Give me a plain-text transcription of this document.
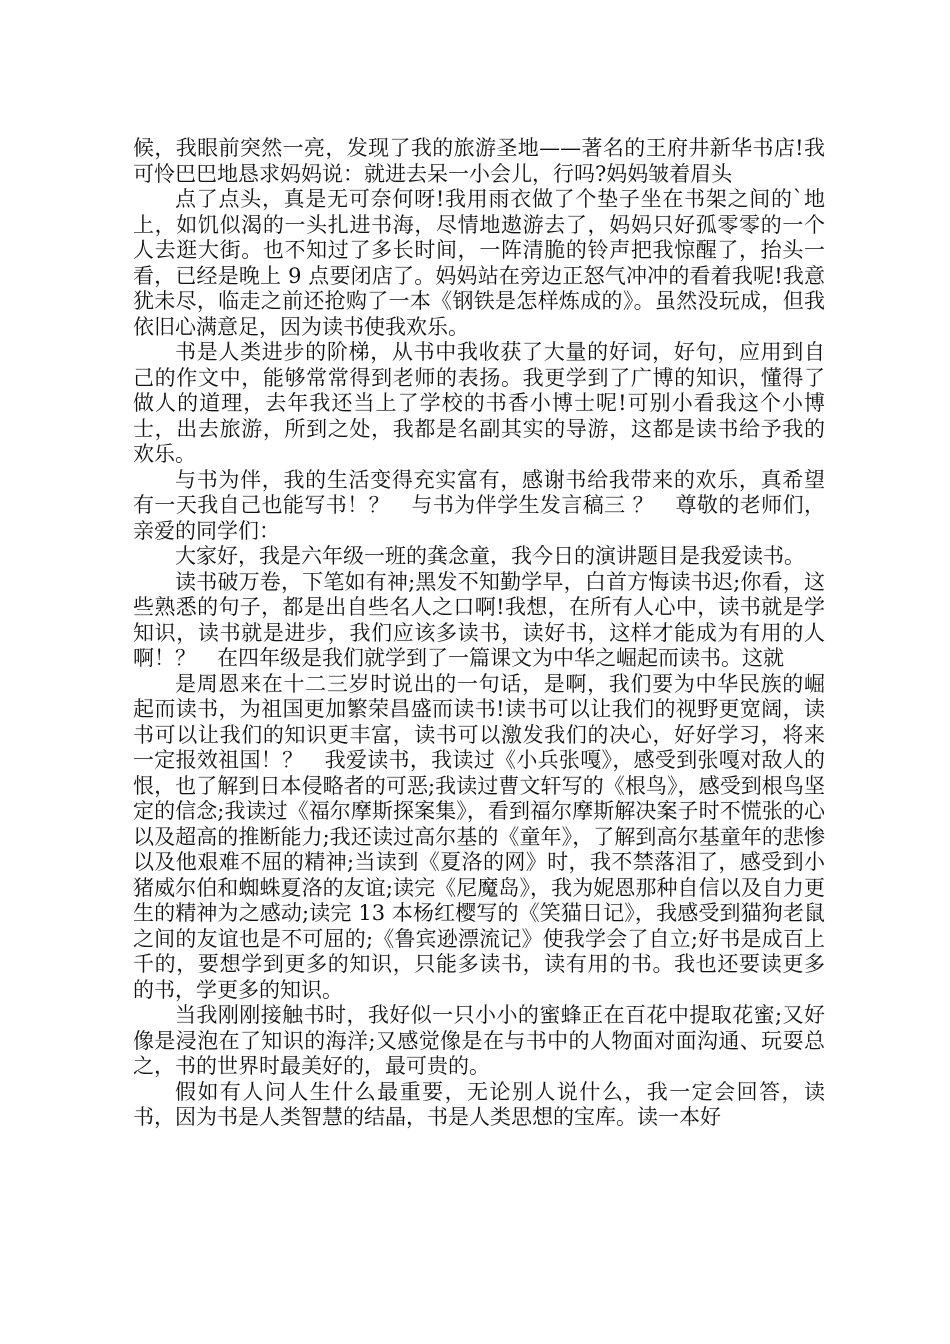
候，我眼前突然一亮，发现了我的旅游圣地——著名的王府井新华书店!我可怜巴巴地恳求妈妈说：就进去呆一小会儿，行吗?妈妈皱着眉头

点了点头，真是无可奈何呀!我用雨衣做了个垫子坐在书架之间的`地上，如饥似渴的一头扎进书海，尽情地遨游去了，妈妈只好孤零零的一个人去逛大街。也不知过了多长时间，一阵清脆的铃声把我惊醒了，抬头一看，已经是晚上 9 点要闭店了。妈妈站在旁边正怒气冲冲的看着我呢!我意犹未尽，临走之前还抢购了一本《钢铁是怎样炼成的》。虽然没玩成，但我依旧心满意足，因为读书使我欢乐。

书是人类进步的阶梯，从书中我收获了大量的好词，好句，应用到自己的作文中，能够常常得到老师的表扬。我更学到了广博的知识，懂得了做人的道理，去年我还当上了学校的书香小博士呢!可别小看我这个小博士，出去旅游，所到之处，我都是名副其实的导游，这都是读书给予我的欢乐。

与书为伴，我的生活变得充实富有，感谢书给我带来的欢乐，真希望有一天我自己也能写书！？　与书为伴学生发言稿三 ？　尊敬的老师们，亲爱的同学们：

大家好，我是六年级一班的龚念童，我今日的演讲题目是我爱读书。

读书破万卷，下笔如有神;黑发不知勤学早，白首方悔读书迟;你看，这些熟悉的句子，都是出自些名人之口啊!我想，在所有人心中，读书就是学知识，读书就是进步，我们应该多读书，读好书，这样才能成为有用的人啊！？　在四年级是我们就学到了一篇课文为中华之崛起而读书。这就

是周恩来在十二三岁时说出的一句话，是啊，我们要为中华民族的崛起而读书，为祖国更加繁荣昌盛而读书!读书可以让我们的视野更宽阔，读书可以让我们的知识更丰富，读书可以激发我们的决心，好好学习，将来一定报效祖国！？　我爱读书，我读过《小兵张嘎》，感受到张嘎对敌人的恨，也了解到日本侵略者的可恶;我读过曹文轩写的《根鸟》，感受到根鸟坚定的信念;我读过《福尔摩斯探案集》，看到福尔摩斯解决案子时不慌张的心以及超高的推断能力;我还读过高尔基的《童年》，了解到高尔基童年的悲惨以及他艰难不屈的精神;当读到《夏洛的网》时，我不禁落泪了，感受到小猪威尔伯和蜘蛛夏洛的友谊;读完《尼魔岛》，我为妮恩那种自信以及自力更生的精神为之感动;读完 13 本杨红樱写的《笑猫日记》，我感受到猫狗老鼠之间的友谊也是不可屈的;《鲁宾逊漂流记》使我学会了自立;好书是成百上千的，要想学到更多的知识，只能多读书，读有用的书。我也还要读更多的书，学更多的知识。

当我刚刚接触书时，我好似一只小小的蜜蜂正在百花中提取花蜜;又好像是浸泡在了知识的海洋;又感觉像是在与书中的人物面对面沟通、玩耍总之，书的世界时最美好的，最可贵的。

假如有人问人生什么最重要，无论别人说什么，我一定会回答，读书，因为书是人类智慧的结晶，书是人类思想的宝库。读一本好
